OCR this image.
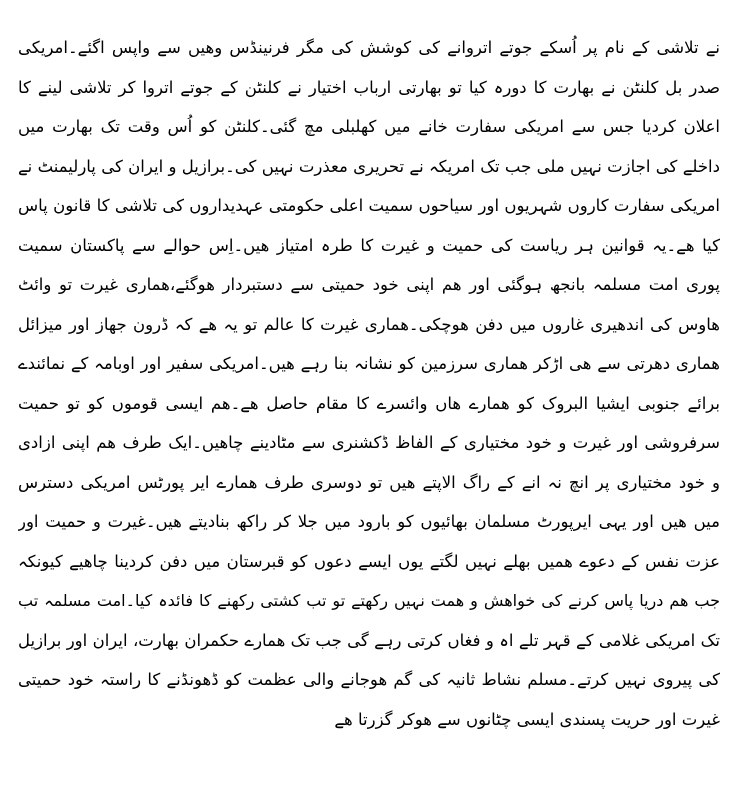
نے تلاشی کے نام پر اُسکے جوتے اتروانے کی کوشش کی مگر فرنینڈس وھیں سے واپس اگئے۔امریکی
صدر بل کلنٹن نے بھارت کا دورہ کیا تو بھارتی ارباب اختیار نے کلنٹن کے جوتے اتروا کر تلاشی لینے کا
اعلان کردیا جس سے امریکی سفارت خانے میں کھلبلی مچ گئی۔کلنٹن کو اُس وقت تک بھارت میں
داخلے کی اجازت نہیں ملی جب تک امریکہ نے تحریری معذرت نہیں کی۔برازیل و ایران کی پارلیمنٹ نے
امریکی سفارت کاروں شہریوں اور سیاحوں سمیت اعلی حکومتی عہدیداروں کی تلاشی کا قانون پاس
کیا ھے۔یہ قوانین ہر ریاست کی حمیت و غیرت کا طرہ امتیاز ھیں۔اِس حوالے سے پاکستان سمیت
پوری امت مسلمہ بانجھ ہوگئی اور ھم اپنی خود حمیتی سے دستبردار ھوگئے،ھماری غیرت تو وائٹ
ھاوس کی اندھیری غاروں میں دفن ھوچکی۔ھماری غیرت کا عالم تو یہ ھے کہ ڈرون جھاز اور میزائل
ھماری دھرتی سے ھی اڑکر ھماری سرزمین کو نشانہ بنا رہے ھیں۔امریکی سفیر اور اوبامہ کے نمائندے
برائے جنوبی ایشیا البروک کو ھمارے ھاں وائسرے کا مقام حاصل ھے۔ھم ایسی قوموں کو تو حمیت
سرفروشی اور غیرت و خود مختیاری کے الفاظ ڈکشنری سے مٹادینے چاھیں۔ایک طرف ھم اپنی ازادی
و خود مختیاری پر انچ نہ انے کے راگ الاپتے ھیں تو دوسری طرف ھمارے ایر پورٹس امریکی دسترس
میں ھیں اور یہی ایرپورٹ مسلمان بھائیوں کو بارود میں جلا کر راکھ بنادیتے ھیں۔غیرت و حمیت اور
عزت نفس کے دعوے ھمیں بھلے نہیں لگتے یوں ایسے دعوں کو قبرستان میں دفن کردینا چاھیے کیونکہ
جب ھم دریا پاس کرنے کی خواھش و ھمت نہیں رکھتے تو تب کشتی رکھنے کا فائدہ کیا۔امت مسلمہ تب
تک امریکی غلامی کے قہر تلے اہ و فغاں کرتی رہے گی جب تک ھمارے حکمران بھارت، ایران اور برازیل
کی پیروی نہیں کرتے۔مسلم نشاط ثانیہ کی گم ھوجانے والی عظمت کو ڈھونڈنے کا راستہ خود حمیتی
غیرت اور حریت پسندی ایسی چٹانوں سے ھوکر گزرتا ھے
